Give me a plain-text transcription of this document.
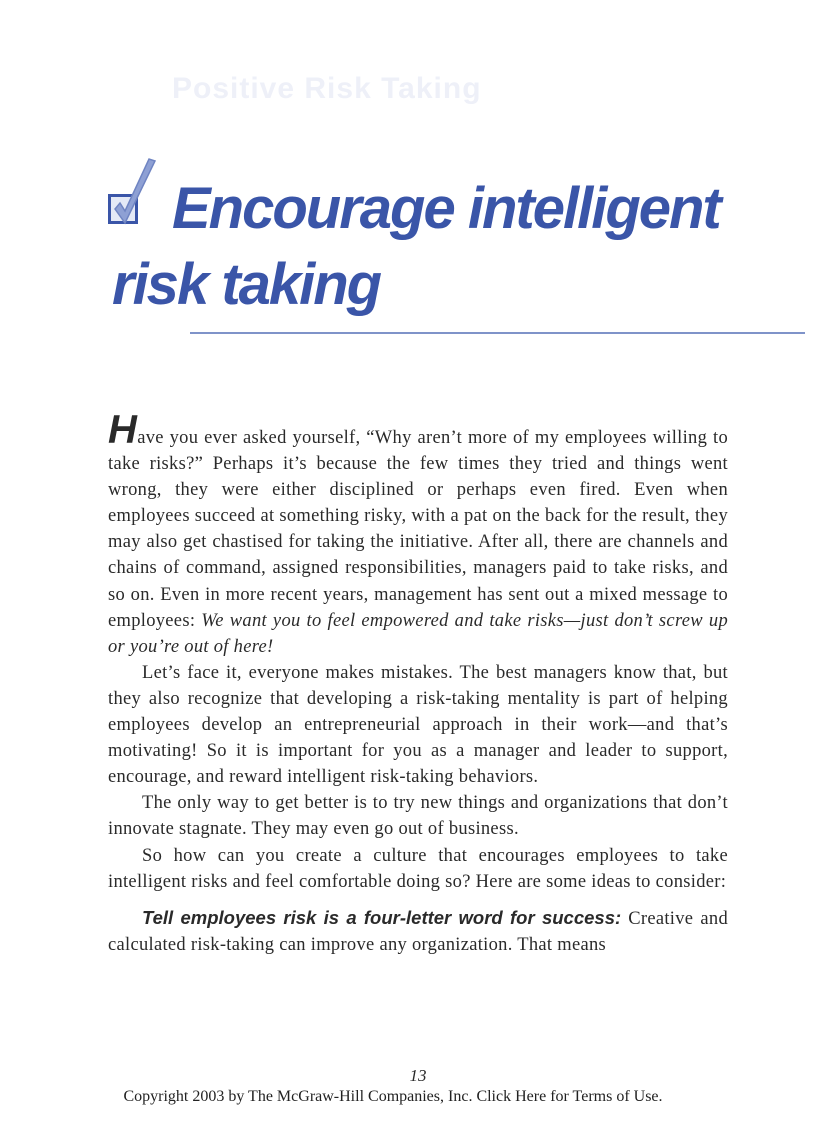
Positive Risk Taking
Encourage intelligent
risk taking

Have you ever asked yourself, “Why aren’t more of my employees willing to take risks?” Perhaps it’s because the few times they tried and things went wrong, they were either disciplined or perhaps even fired. Even when employees succeed at something risky, with a pat on the back for the result, they may also get chastised for taking the initiative. After all, there are channels and chains of command, assigned responsibilities, managers paid to take risks, and so on. Even in more recent years, management has sent out a mixed message to employees: We want you to feel empowered and take risks—just don’t screw up or you’re out of here!

Let’s face it, everyone makes mistakes. The best managers know that, but they also recognize that developing a risk-taking mentality is part of helping employees develop an entrepreneurial approach in their work—and that’s motivating! So it is important for you as a manager and leader to support, encourage, and reward intelligent risk-taking behaviors.

The only way to get better is to try new things and organizations that don’t innovate stagnate. They may even go out of business.

So how can you create a culture that encourages employees to take intelligent risks and feel comfortable doing so? Here are some ideas to consider:

Tell employees risk is a four-letter word for success: Creative and calculated risk-taking can improve any organization. That means

13
Copyright 2003 by The McGraw-Hill Companies, Inc. Click Here for Terms of Use.
